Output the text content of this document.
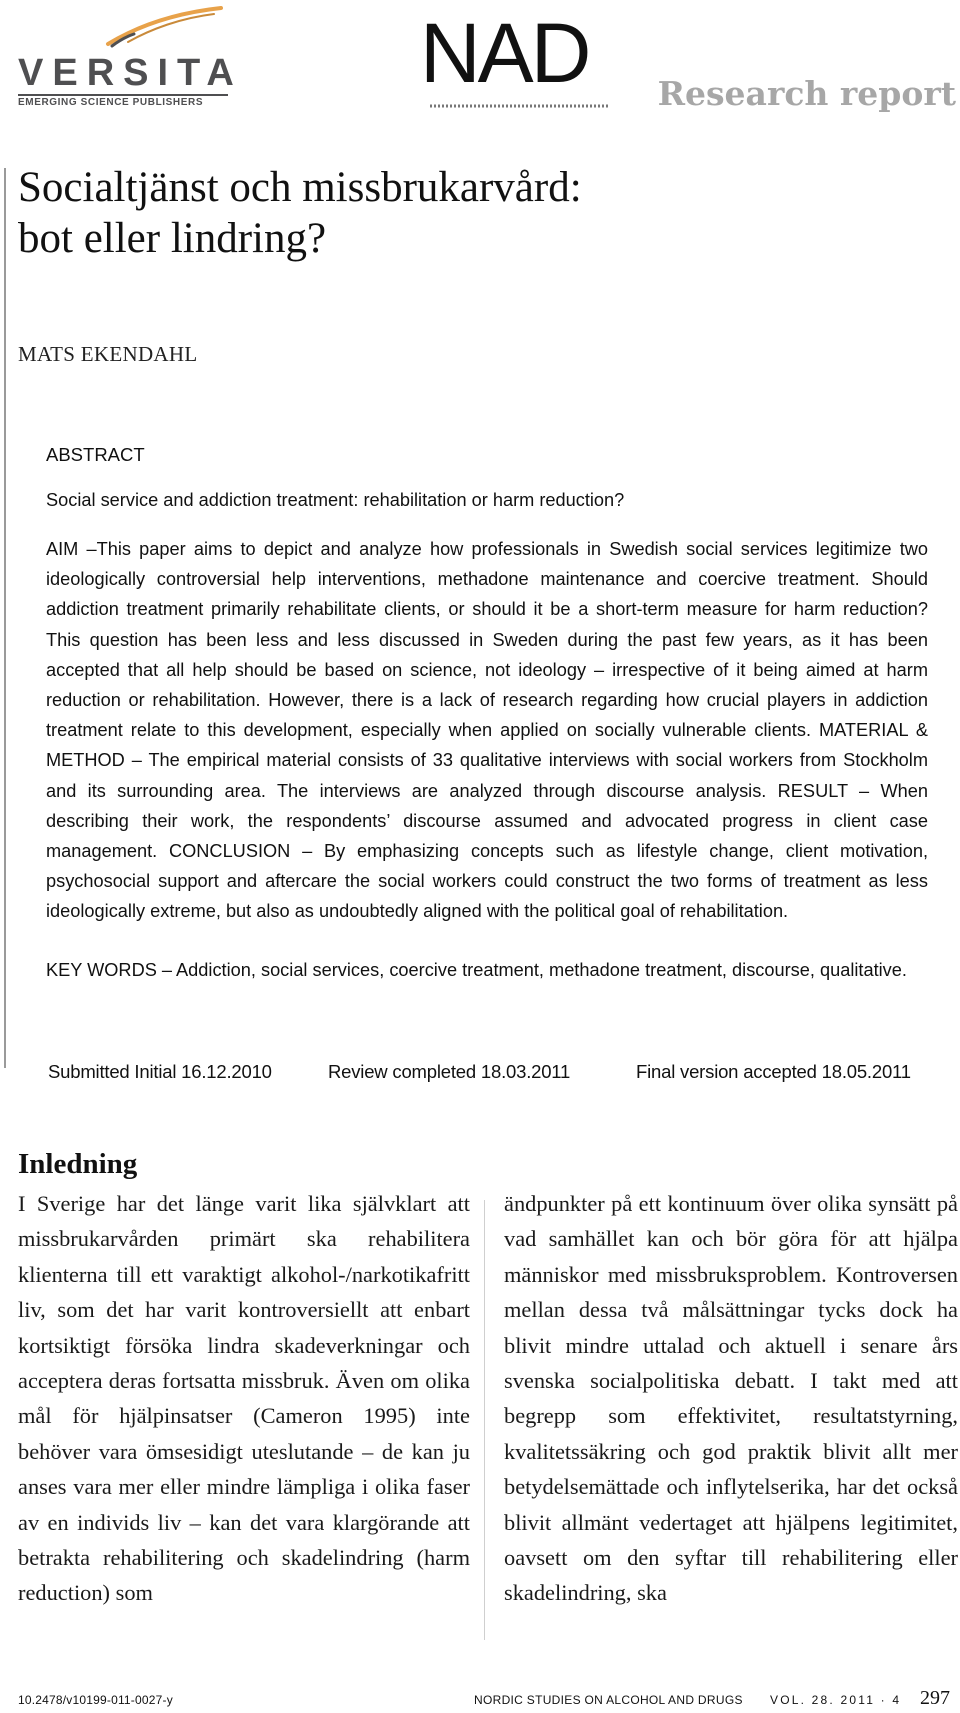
VERSITA
EMERGING SCIENCE PUBLISHERS
NAD Research report
Socialtjänst och missbrukarvård:
bot eller lindring?
MATS EKENDAHL
ABSTRACT
Social service and addiction treatment: rehabilitation or harm reduction?

AIM –This paper aims to depict and analyze how professionals in Swedish social services legitimize two ideologically controversial help interventions, methadone maintenance and coercive treatment. Should addiction treatment primarily rehabilitate clients, or should it be a short-term measure for harm reduction? This question has been less and less discussed in Sweden during the past few years, as it has been accepted that all help should be based on science, not ideology – irrespective of it being aimed at harm reduction or rehabilitation. However, there is a lack of research regarding how crucial players in addiction treatment relate to this development, especially when applied on socially vulnerable clients. MATERIAL & METHOD – The empirical material consists of 33 qualitative interviews with social workers from Stockholm and its surrounding area. The interviews are analyzed through discourse analysis. RESULT – When describing their work, the respondents’ discourse assumed and advocated progress in client case management. CONCLUSION – By emphasizing concepts such as lifestyle change, client motivation, psychosocial support and aftercare the social workers could construct the two forms of treatment as less ideologically extreme, but also as undoubtedly aligned with the political goal of rehabilitation.

KEY WORDS – Addiction, social services, coercive treatment, methadone treatment, discourse, qualitative.
Submitted Initial 16.12.2010	Review completed 18.03.2011	Final version accepted 18.05.2011
Inledning
I Sverige har det länge varit lika självklart att missbrukarvården primärt ska rehabilitera klienterna till ett varaktigt alkohol-/narkotikafritt liv, som det har varit kontroversiellt att enbart kortsiktigt försöka lindra skadeverkningar och acceptera deras fortsatta missbruk. Även om olika mål för hjälpinsatser (Cameron 1995) inte behöver vara ömsesidigt uteslutande – de kan ju anses vara mer eller mindre lämpliga i olika faser av en individs liv – kan det vara klargörande att betrakta rehabilitering och skadelindring (harm reduction) som
ändpunkter på ett kontinuum över olika synsätt på vad samhället kan och bör göra för att hjälpa människor med missbruksproblem. Kontroversen mellan dessa två målsättningar tycks dock ha blivit mindre uttalad och aktuell i senare års svenska socialpolitiska debatt. I takt med att begrepp som effektivitet, resultatstyrning, kvalitetssäkring och god praktik blivit allt mer betydelsemättade och inflytelserika, har det också blivit allmänt vedertaget att hjälpens legitimitet, oavsett om den syftar till rehabilitering eller skadelindring, ska
10.2478/v10199-011-0027-y	NORDIC STUDIES ON ALCOHOL AND DRUGS VOL. 28. 2011 · 4 297
